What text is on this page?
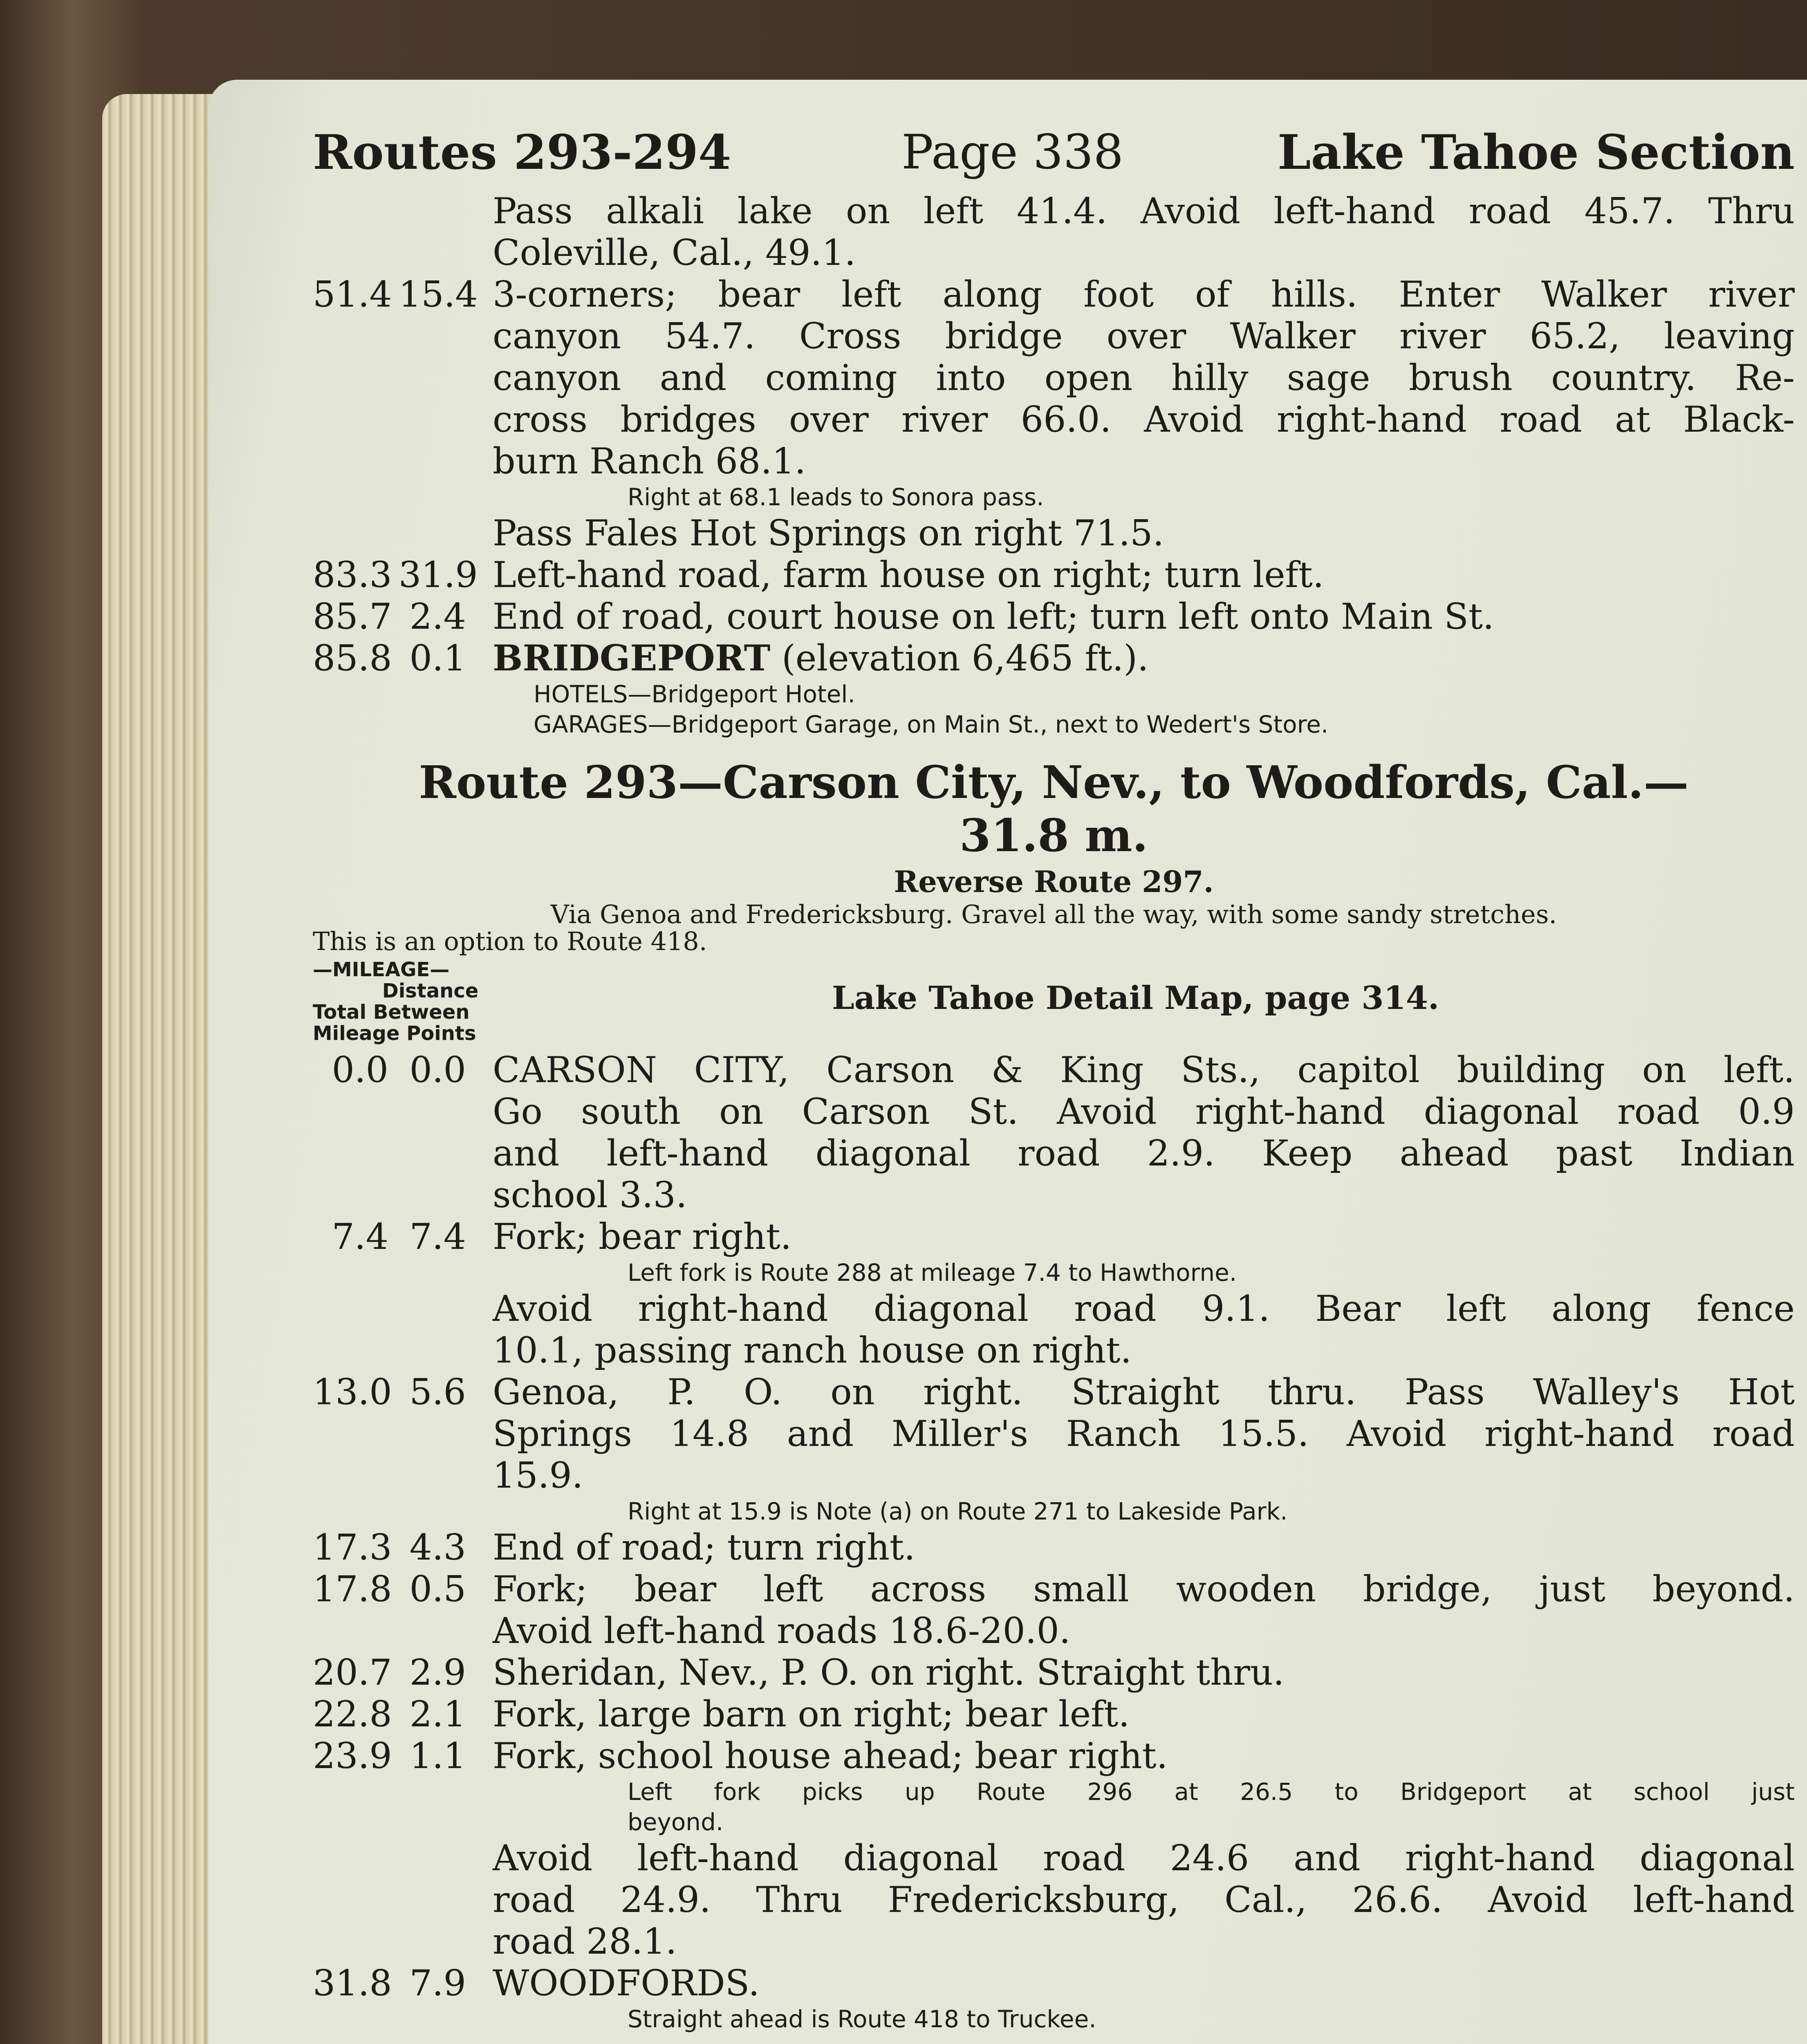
Routes 293-294	Page 338	Lake Tahoe Section
Pass alkali lake on left 41.4. Avoid left-hand road 45.7. Thru
Coleville, Cal., 49.1.
51.4 15.4 3-corners; bear left along foot of hills. Enter Walker river
canyon 54.7. Cross bridge over Walker river 65.2, leaving
canyon and coming into open hilly sage brush country. Re-
cross bridges over river 66.0. Avoid right-hand road at Black-
burn Ranch 68.1.
Right at 68.1 leads to Sonora pass.
Pass Fales Hot Springs on right 71.5.
83.3 31.9 Left-hand road, farm house on right; turn left.
85.7 2.4 End of road, court house on left; turn left onto Main St.
85.8 0.1 BRIDGEPORT (elevation 6,465 ft.).
HOTELS—Bridgeport Hotel.
GARAGES—Bridgeport Garage, on Main St., next to Wedert's Store.
Route 293—Carson City, Nev., to Woodfords, Cal.—
31.8 m.
Reverse Route 297.
Via Genoa and Fredericksburg. Gravel all the way, with some sandy stretches.
This is an option to Route 418.
—MILEAGE—
Distance
Total Between
Mileage Points
Lake Tahoe Detail Map, page 314.
0.0 0.0 CARSON CITY, Carson & King Sts., capitol building on left.
Go south on Carson St. Avoid right-hand diagonal road 0.9
and left-hand diagonal road 2.9. Keep ahead past Indian
school 3.3.
7.4 7.4 Fork; bear right.
Left fork is Route 288 at mileage 7.4 to Hawthorne.
Avoid right-hand diagonal road 9.1. Bear left along fence
10.1, passing ranch house on right.
13.0 5.6 Genoa, P. O. on right. Straight thru. Pass Walley's Hot
Springs 14.8 and Miller's Ranch 15.5. Avoid right-hand road
15.9.
Right at 15.9 is Note (a) on Route 271 to Lakeside Park.
17.3 4.3 End of road; turn right.
17.8 0.5 Fork; bear left across small wooden bridge, just beyond.
Avoid left-hand roads 18.6-20.0.
20.7 2.9 Sheridan, Nev., P. O. on right. Straight thru.
22.8 2.1 Fork, large barn on right; bear left.
23.9 1.1 Fork, school house ahead; bear right.
Left fork picks up Route 296 at 26.5 to Bridgeport at school just
beyond.
Avoid left-hand diagonal road 24.6 and right-hand diagonal
road 24.9. Thru Fredericksburg, Cal., 26.6. Avoid left-hand
road 28.1.
31.8 7.9 WOODFORDS.
Straight ahead is Route 418 to Truckee.
